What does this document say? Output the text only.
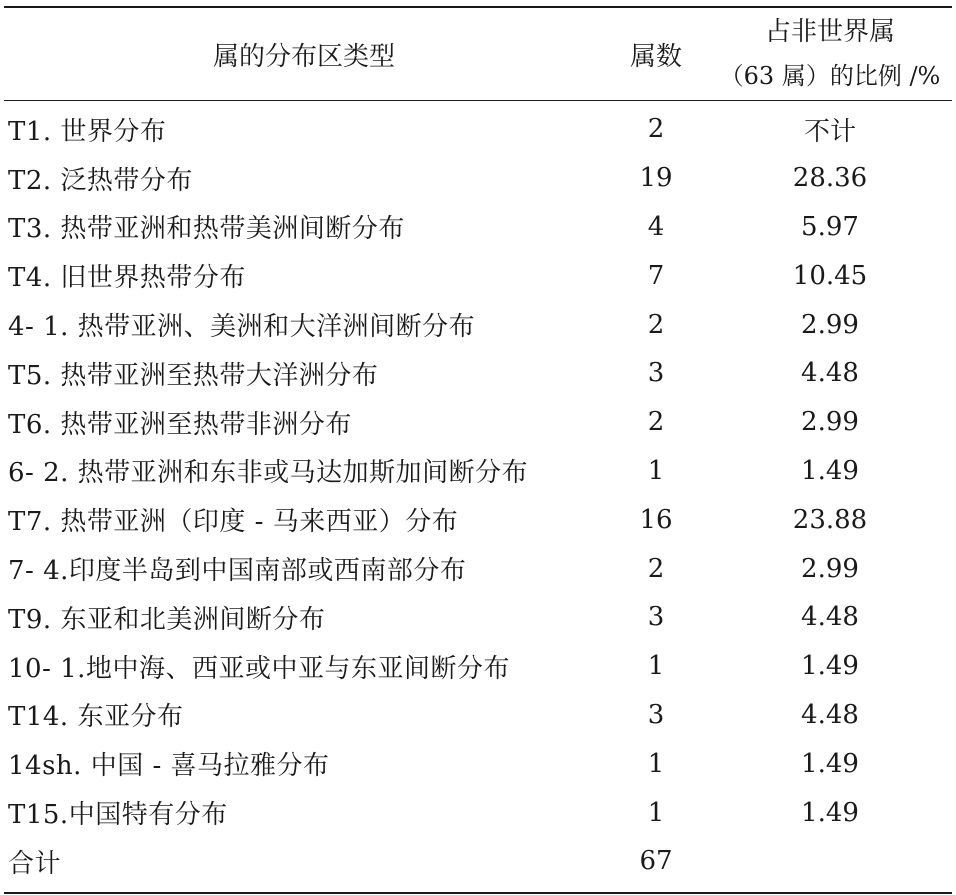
属的分布区类型	属数
占非世界属
（63 属）的比例 /%
T1. 世界分布	2	不计
T2. 泛热带分布	19	28.36
T3. 热带亚洲和热带美洲间断分布	4	5.97
T4. 旧世界热带分布	7	10.45
4- 1. 热带亚洲、美洲和大洋洲间断分布	2	2.99
T5. 热带亚洲至热带大洋洲分布	3	4.48
T6. 热带亚洲至热带非洲分布	2	2.99
6- 2. 热带亚洲和东非或马达加斯加间断分布	1	1.49
T7. 热带亚洲（印度 - 马来西亚）分布	16	23.88
7- 4.印度半岛到中国南部或西南部分布	2	2.99
T9. 东亚和北美洲间断分布	3	4.48
10- 1.地中海、西亚或中亚与东亚间断分布	1	1.49
T14. 东亚分布	3	4.48
14sh. 中国 - 喜马拉雅分布	1	1.49
T15.中国特有分布	1	1.49
合计	67
